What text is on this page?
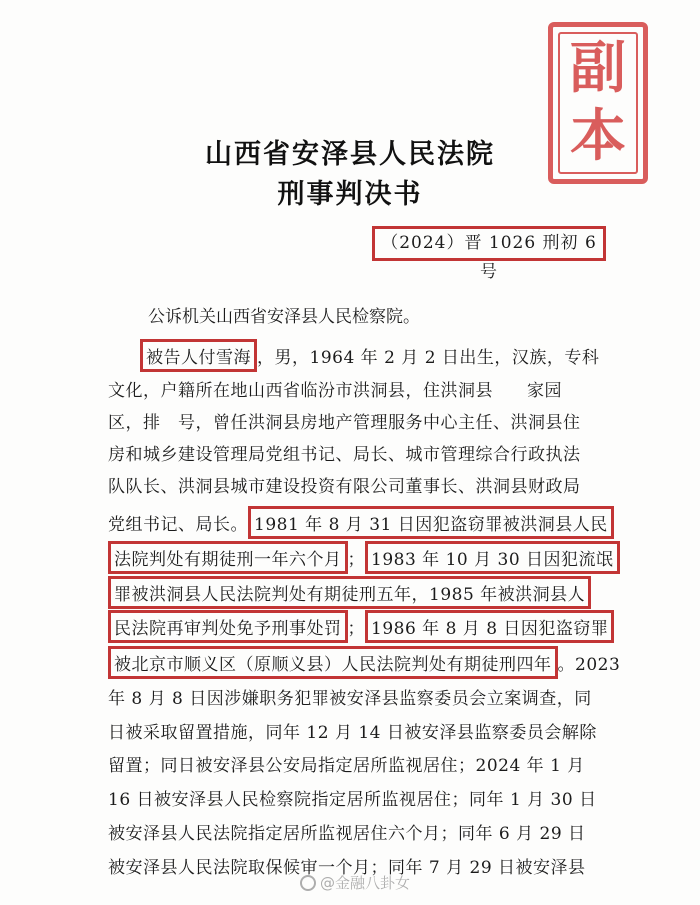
副
本
山西省安泽县人民法院
刑事判决书
（2024）晋 1026 刑初 6 号
公诉机关山西省安泽县人民检察院。
被告人付雪海 ，男，1964 年 2 月 2 日出生，汉族，专科
文化，户籍所在地山西省临汾市洪洞县，住洪洞县 家园
区，排　号，曾任洪洞县房地产管理服务中心主任、洪洞县住
房和城乡建设管理局党组书记、局长、城市管理综合行政执法
队队长、洪洞县城市建设投资有限公司董事长、洪洞县财政局
党组书记、局长。 1981 年 8 月 31 日因犯盗窃罪被洪洞县人民
法院判处有期徒刑一年六个月 ； 1983 年 10 月 30 日因犯流氓
罪被洪洞县人民法院判处有期徒刑五年，1985 年被洪洞县人
民法院再审判处免予刑事处罚 ； 1986 年 8 月 8 日因犯盗窃罪
被北京市顺义区（原顺义县）人民法院判处有期徒刑四年 。2023
年 8 月 8 日因涉嫌职务犯罪被安泽县监察委员会立案调查，同
日被采取留置措施，同年 12 月 14 日被安泽县监察委员会解除
留置；同日被安泽县公安局指定居所监视居住；2024 年 1 月
16 日被安泽县人民检察院指定居所监视居住；同年 1 月 30 日
被安泽县人民法院指定居所监视居住六个月；同年 6 月 29 日
被安泽县人民法院取保候审一个月；同年 7 月 29 日被安泽县
@金融八卦女
